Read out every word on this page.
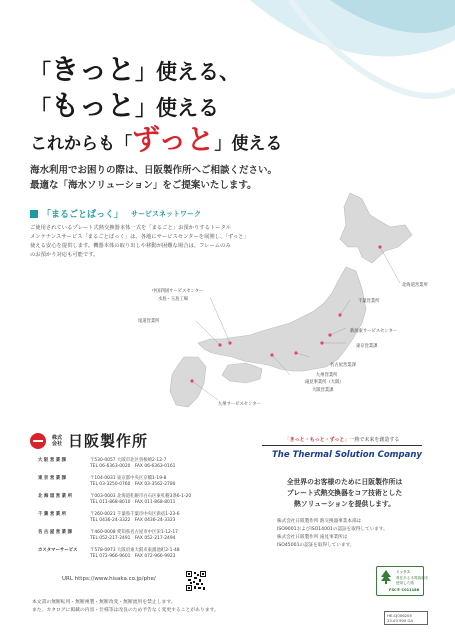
「きっと」使える、
「もっと」使える
これからも「ずっと」使える
海水利用でお困りの際は、日阪製作所へご相談ください。
最適な「海水ソリューション」をご提案いたします。
「まるごとぱっく」 サービスネットワーク
ご使用されているプレート式熱交換器本体一式を「まるごと」お預かりするトータル
メンテナンスサービス「まるごとぱっく」は、各地にサービスセンターを展開し、「ずっと」
使える安心を提供します。機器本体の取り出しや移動が困難な場合は、フレームのみ
のお預かり対応も可能です。
北海道営業所
中国四国サービスセンター
水島・玉島工場
尾道営業所
千葉営業所
新潟東サービスセンター
東京営業課
名古屋営業課
九州営業所
滝見事業所（大阪）
大阪営業課
九州サービスセンター
株式
会社 日阪製作所
大 阪 営 業 課	〒530-0057 大阪市北区曽根崎2-12-7
TEL 06-6363-0020　FAX 06-6363-0161

東 京 営 業 課	〒104-0031 東京都中央区京橋1-19-8
TEL 03-3250-0760　FAX 03-3562-2780

北 海 道 営 業 所	〒003-0003 北海道札幌市白石区東札幌3条6-1-20
TEL 011-868-8010　FAX 011-868-8011

千 葉 営 業 所	〒260-0021 千葉県千葉市中央区新宿1-23-6
TEL 0436-24-3322　FAX 0436-24-3323

名 古 屋 営 業 課	〒460-0008 愛知県名古屋市中区栄1-12-17
TEL 052-217-2491　FAX 052-217-2494

カスタマーサービス	〒578-0973 大阪府東大阪市東鴻池町2-1-48
TEL 072-966-9601　FAX 072-966-9923
URL https://www.hisaka.co.jp/phe/
本文書の無断転用・無断複製・無断改変・無断流用を禁止します。
また、カタログに掲載の内容・仕様等は改良のため予告なく変更することがあります。
「きっと・もっと・ずっと」一熱で未来を創造する
The Thermal Solution Company
全世界のお客様のために日阪製作所は
プレート式熱交換器をコア技術とした
熱ソリューションを提供します。
株式会社日阪製作所 熱交換器事業本部は
ISO9001およびISO14001の認証を取得しています。
株式会社日阪製作所 滝見事業所は
ISO45001の認証を取得しています。
ミックス
責任ある木質資源を
使用した紙
FSC® C011186
HE-CJ006205
23.03 900 GA
